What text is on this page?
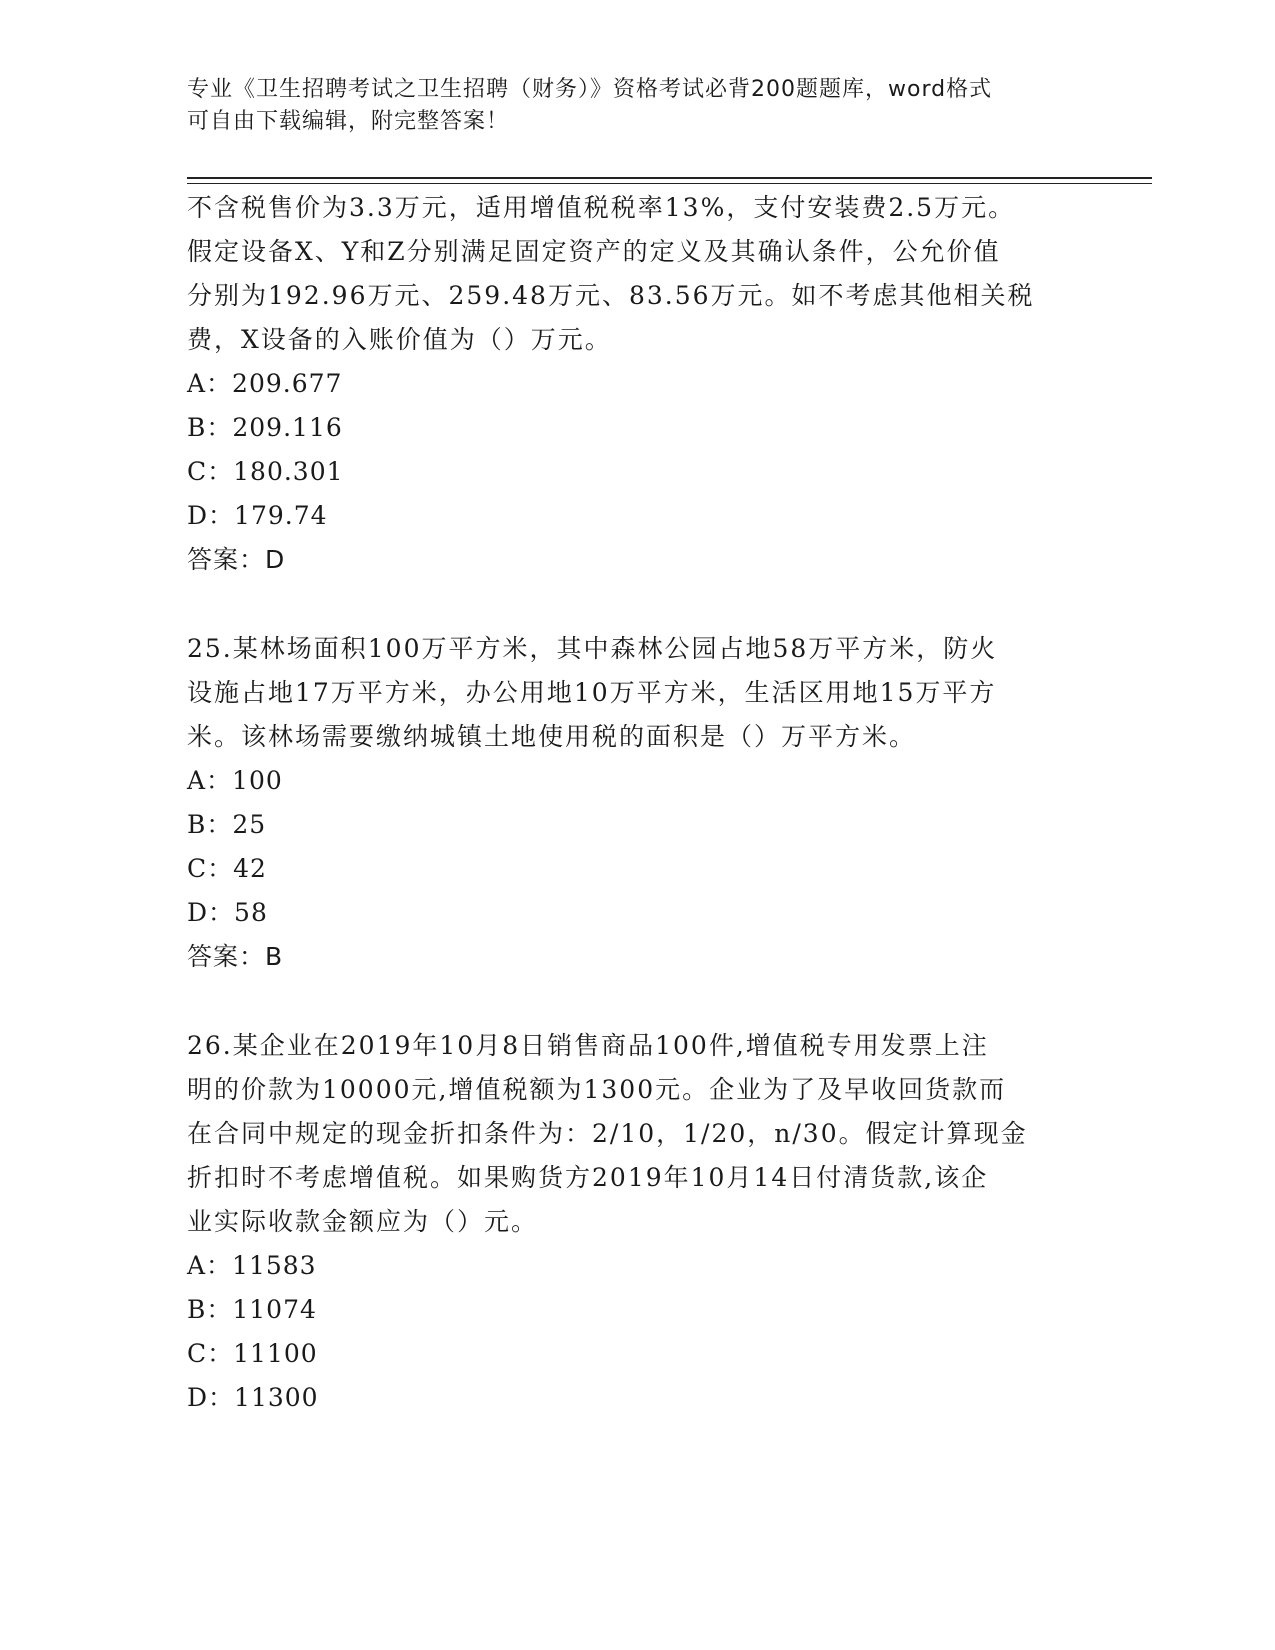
专业《卫生招聘考试之卫生招聘（财务）》资格考试必背200题题库，word格式
可自由下载编辑，附完整答案！
不含税售价为3.3万元，适用增值税税率13%，支付安装费2.5万元。
假定设备X、Y和Z分别满足固定资产的定义及其确认条件，公允价值
分别为192.96万元、259.48万元、83.56万元。如不考虑其他相关税
费，X设备的入账价值为（）万元。
A：209.677
B：209.116
C：180.301
D：179.74
答案：D
25.某林场面积100万平方米，其中森林公园占地58万平方米，防火
设施占地17万平方米，办公用地10万平方米，生活区用地15万平方
米。该林场需要缴纳城镇土地使用税的面积是（）万平方米。
A：100
B：25
C：42
D：58
答案：B
26.某企业在2019年10月8日销售商品100件,增值税专用发票上注
明的价款为10000元,增值税额为1300元。企业为了及早收回货款而
在合同中规定的现金折扣条件为：2/10，1/20，n/30。假定计算现金
折扣时不考虑增值税。如果购货方2019年10月14日付清货款,该企
业实际收款金额应为（）元。
A：11583
B：11074
C：11100
D：11300
